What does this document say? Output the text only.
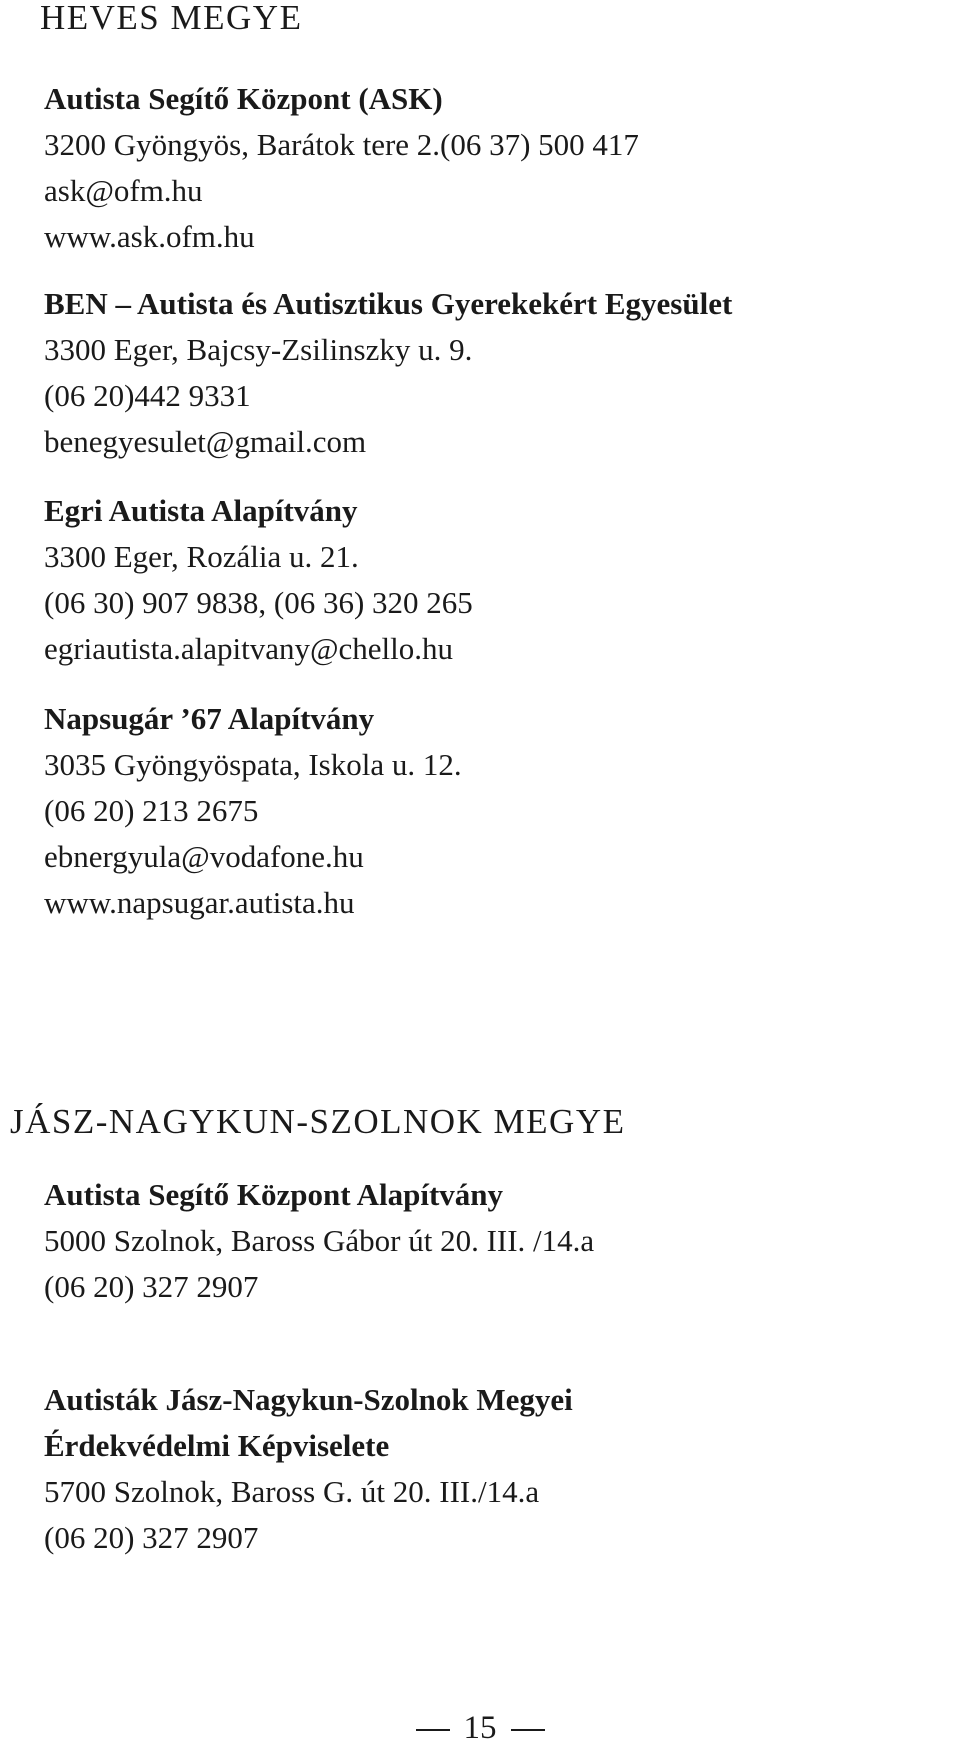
HEVES MEGYE
Autista Segítő Központ (ASK)
3200 Gyöngyös, Barátok tere 2.(06 37) 500 417
ask@ofm.hu
www.ask.ofm.hu
BEN – Autista és Autisztikus Gyerekekért Egyesület
3300 Eger, Bajcsy-Zsilinszky u. 9.
(06 20)442 9331
benegyesulet@gmail.com
Egri Autista Alapítvány
3300 Eger, Rozália u. 21.
(06 30) 907 9838, (06 36) 320 265
egriautista.alapitvany@chello.hu
Napsugár ’67 Alapítvány
3035 Gyöngyöspata, Iskola u. 12.
(06 20) 213 2675
ebnergyula@vodafone.hu
www.napsugar.autista.hu
JÁSZ-NAGYKUN-SZOLNOK MEGYE
Autista Segítő Központ Alapítvány
5000 Szolnok, Baross Gábor út 20. III. /14.a
(06 20) 327 2907
Autisták Jász-Nagykun-Szolnok Megyei
Érdekvédelmi Képviselete
5700 Szolnok, Baross G. út 20. III./14.a
(06 20) 327 2907
15
